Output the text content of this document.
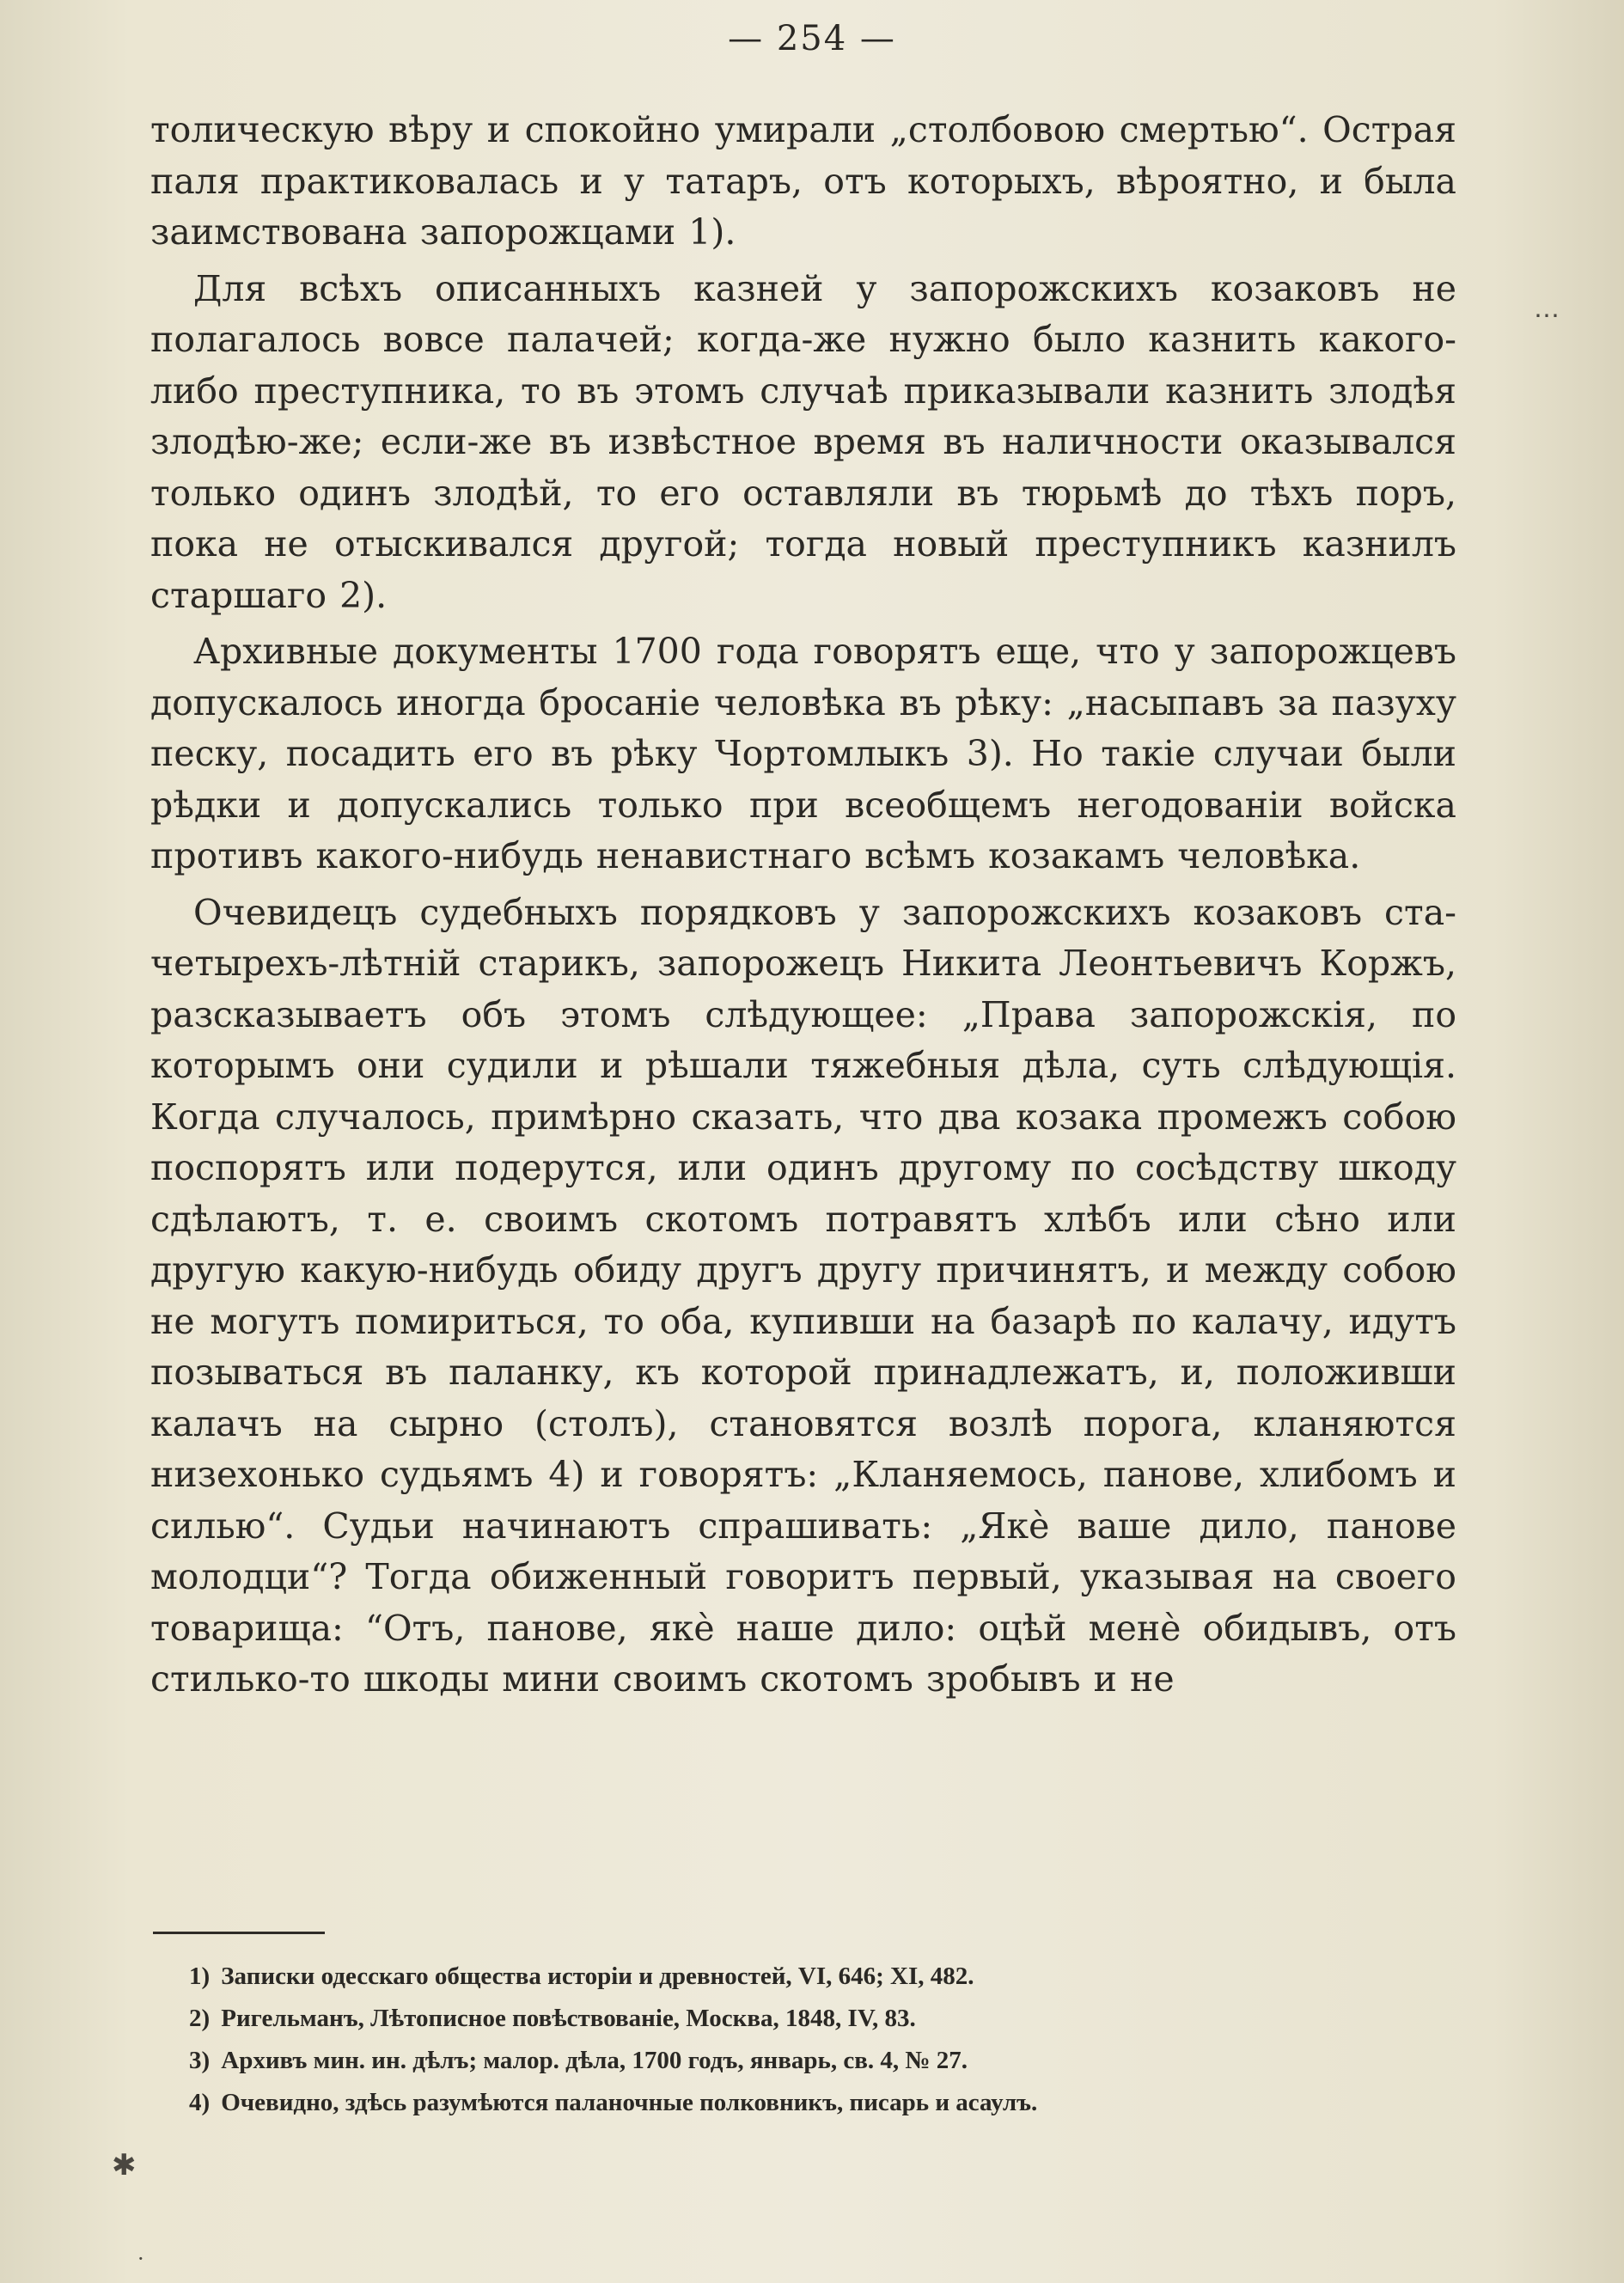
— 254 —

толическую вѣру и спокойно умирали „столбовою смертью“. Острая паля практиковалась и у татаръ, отъ которыхъ, вѣроятно, и была заимствована запорожцами 1).

Для всѣхъ описанныхъ казней у запорожскихъ козаковъ не полагалось вовсе палачей; когда-же нужно было казнить какого-либо преступника, то въ этомъ случаѣ приказывали казнить злодѣя злодѣю-же; если-же въ извѣстное время въ наличности оказывался только одинъ злодѣй, то его оставляли въ тюрьмѣ до тѣхъ поръ, пока не отыскивался другой; тогда новый преступникъ казнилъ старшаго 2).

Архивные документы 1700 года говорятъ еще, что у запорожцевъ допускалось иногда бросанiе человѣка въ рѣку: „насыпавъ за пазуху песку, посадить его въ рѣку Чортомлыкъ 3). Но такiе случаи были рѣдки и допускались только при всеобщемъ негодованiи войска противъ какого-нибудь ненавистнаго всѣмъ козакамъ человѣка.

Очевидецъ судебныхъ порядковъ у запорожскихъ козаковъ ста-четырехъ-лѣтнiй старикъ, запорожецъ Никита Леонтьевичъ Коржъ, разсказываетъ объ этомъ слѣдующее: „Права запорожскiя, по которымъ они судили и рѣшали тяжебныя дѣла, суть слѣдующiя. Когда случалось, примѣрно сказать, что два козака промежъ собою поспорятъ или подерутся, или одинъ другому по сосѣдству шкоду сдѣлаютъ, т. е. своимъ скотомъ потравятъ хлѣбъ или сѣно или другую какую-нибудь обиду другъ другу причинятъ, и между собою не могутъ помириться, то оба, купивши на базарѣ по калачу, идутъ позываться въ паланку, къ которой принадлежатъ, и, положивши калачъ на сырно (столъ), становятся возлѣ порога, кланяются низехонько судьямъ 4) и говорятъ: „Кланяемось, панове, хлибомъ и силью“. Судьи начинаютъ спрашивать: „Якѐ ваше дило, панове молодци“? Тогда обиженный говоритъ первый, указывая на своего товарища: “Отъ, панове, якѐ наше дило: оцѣй менѐ обидывъ, отъ стилько-то шкоды мини своимъ скотомъ зробывъ и не

1) Записки одесскаго общества исторiи и древностей, VI, 646; XI, 482.
2) Ригельманъ, Лѣтописное повѣствованiе, Москва, 1848, IV, 83.
3) Архивъ мин. ин. дѣлъ; малор. дѣла, 1700 годъ, январь, св. 4, № 27.
4) Очевидно, здѣсь разумѣются паланочные полковникъ, писарь и асаулъ.
⋯
✱
·
